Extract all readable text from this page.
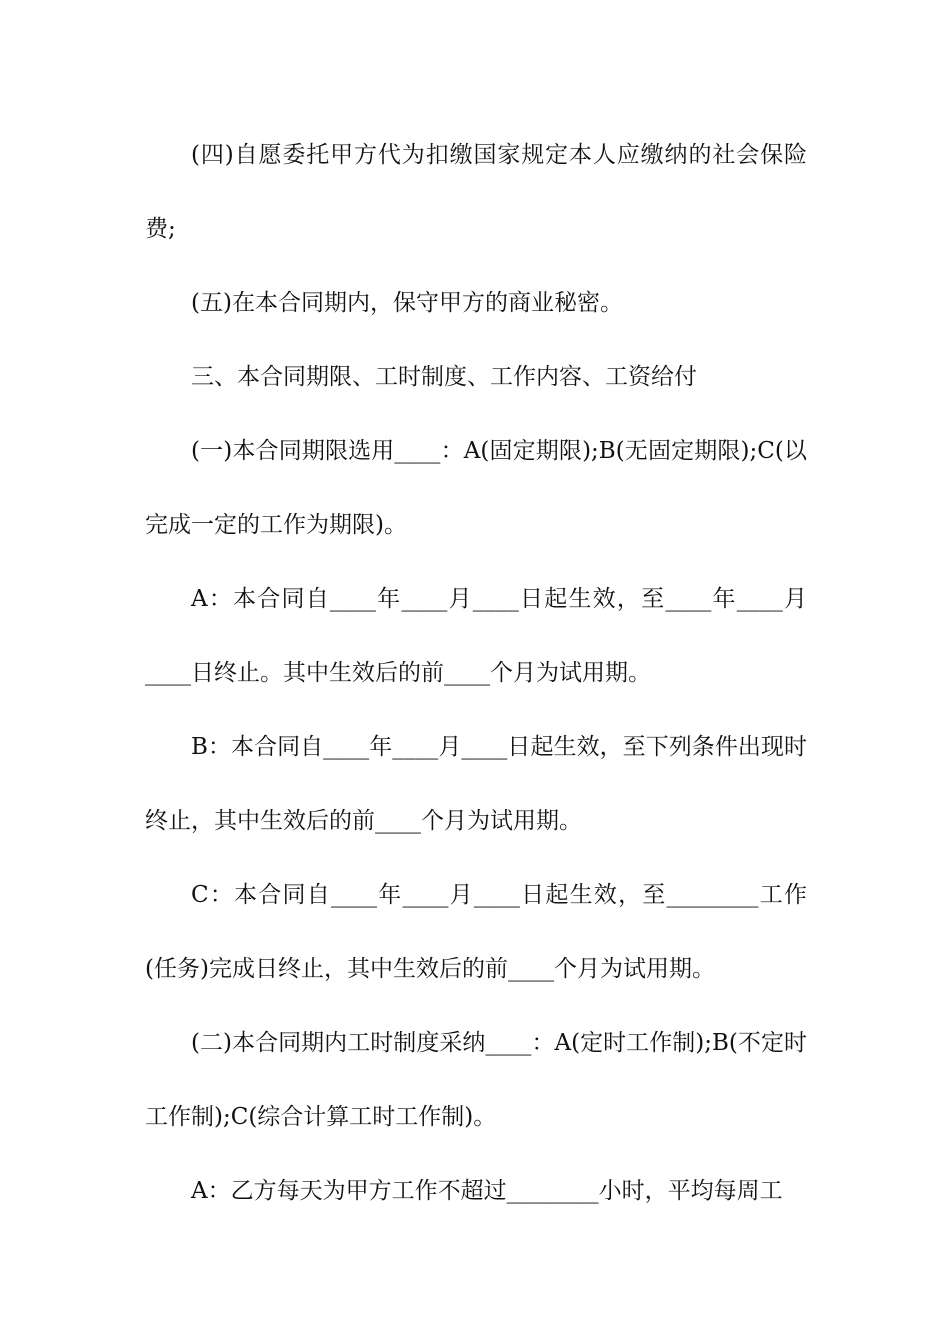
(四)自愿委托甲方代为扣缴国家规定本人应缴纳的社会保险费;

(五)在本合同期内，保守甲方的商业秘密。

三、本合同期限、工时制度、工作内容、工资给付

(一)本合同期限选用____：A(固定期限);B(无固定期限);C(以完成一定的工作为期限)。

A：本合同自____年____月____日起生效，至____年____月____日终止。其中生效后的前____个月为试用期。

B：本合同自____年____月____日起生效，至下列条件出现时终止，其中生效后的前____个月为试用期。

C：本合同自____年____月____日起生效，至________工作(任务)完成日终止，其中生效后的前____个月为试用期。

(二)本合同期内工时制度采纳____：A(定时工作制);B(不定时工作制);C(综合计算工时工作制)。

A：乙方每天为甲方工作不超过________小时，平均每周工
